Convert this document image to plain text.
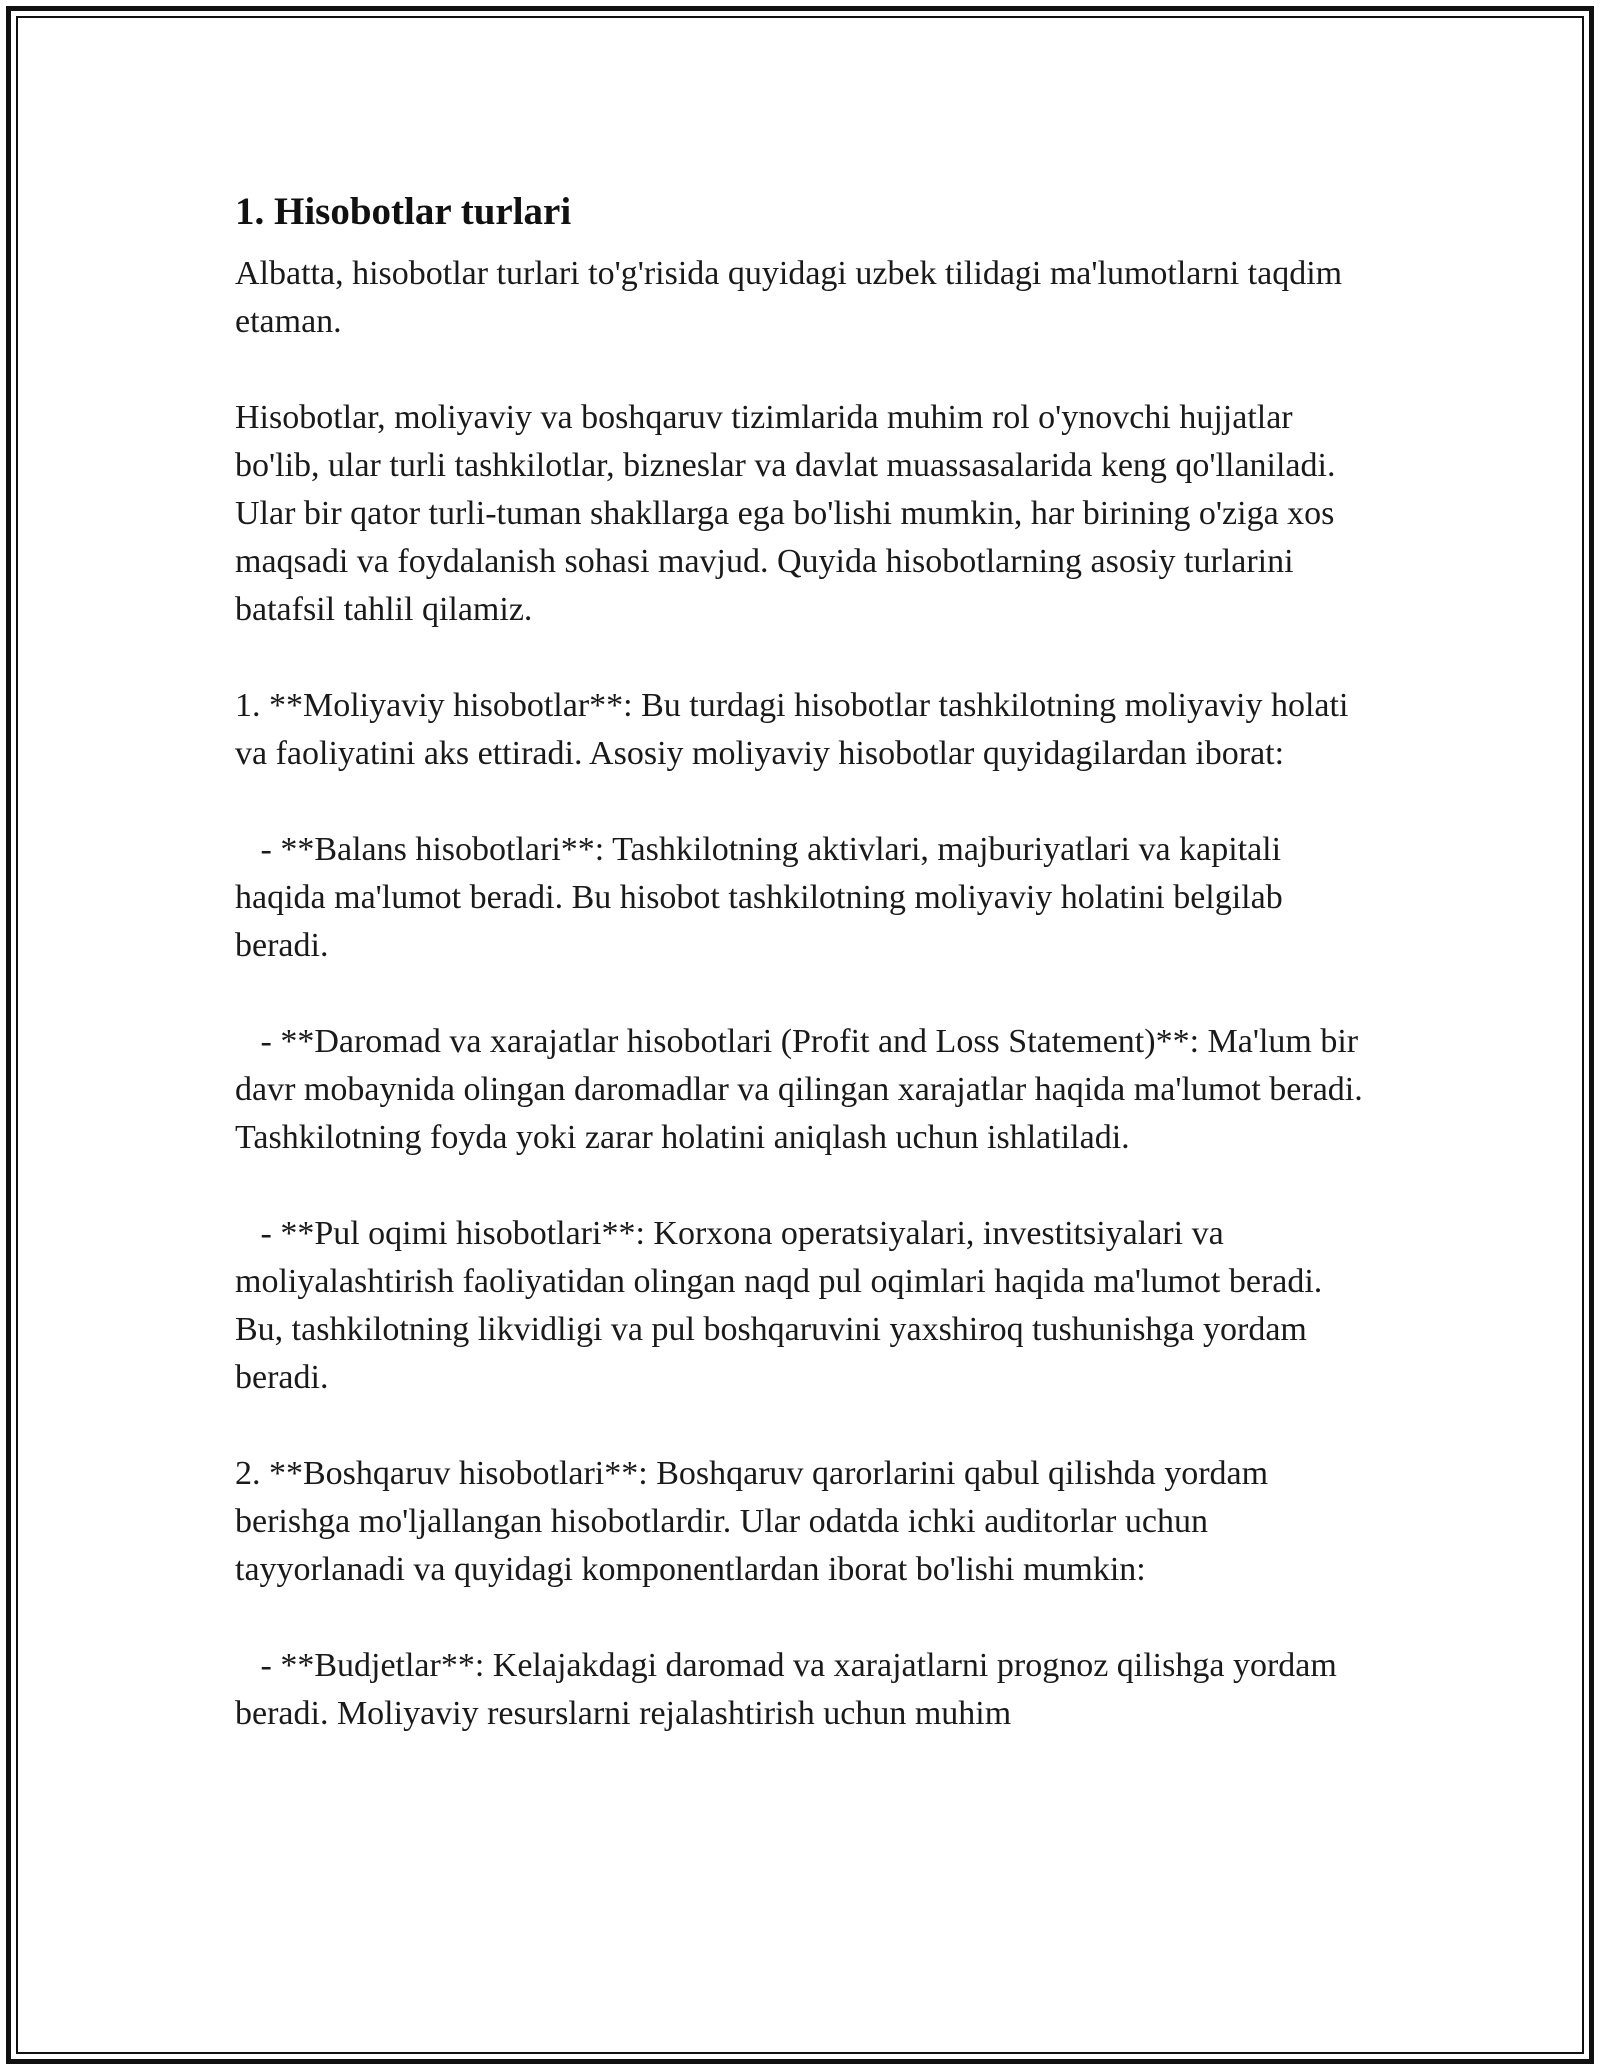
1. Hisobotlar turlari

Albatta, hisobotlar turlari to'g'risida quyidagi uzbek tilidagi ma'lumotlarni taqdim etaman.

Hisobotlar, moliyaviy va boshqaruv tizimlarida muhim rol o'ynovchi hujjatlar bo'lib, ular turli tashkilotlar, bizneslar va davlat muassasalarida keng qo'llaniladi. Ular bir qator turli-tuman shakllarga ega bo'lishi mumkin, har birining o'ziga xos maqsadi va foydalanish sohasi mavjud. Quyida hisobotlarning asosiy turlarini batafsil tahlil qilamiz.

1. **Moliyaviy hisobotlar**: Bu turdagi hisobotlar tashkilotning moliyaviy holati va faoliyatini aks ettiradi. Asosiy moliyaviy hisobotlar quyidagilardan iborat:

- **Balans hisobotlari**: Tashkilotning aktivlari, majburiyatlari va kapitali haqida ma'lumot beradi. Bu hisobot tashkilotning moliyaviy holatini belgilab beradi.

- **Daromad va xarajatlar hisobotlari (Profit and Loss Statement)**: Ma'lum bir davr mobaynida olingan daromadlar va qilingan xarajatlar haqida ma'lumot beradi. Tashkilotning foyda yoki zarar holatini aniqlash uchun ishlatiladi.

- **Pul oqimi hisobotlari**: Korxona operatsiyalari, investitsiyalari va moliyalashtirish faoliyatidan olingan naqd pul oqimlari haqida ma'lumot beradi. Bu, tashkilotning likvidligi va pul boshqaruvini yaxshiroq tushunishga yordam beradi.

2. **Boshqaruv hisobotlari**: Boshqaruv qarorlarini qabul qilishda yordam berishga mo'ljallangan hisobotlardir. Ular odatda ichki auditorlar uchun tayyorlanadi va quyidagi komponentlardan iborat bo'lishi mumkin:

- **Budjetlar**: Kelajakdagi daromad va xarajatlarni prognoz qilishga yordam beradi. Moliyaviy resurslarni rejalashtirish uchun muhim
